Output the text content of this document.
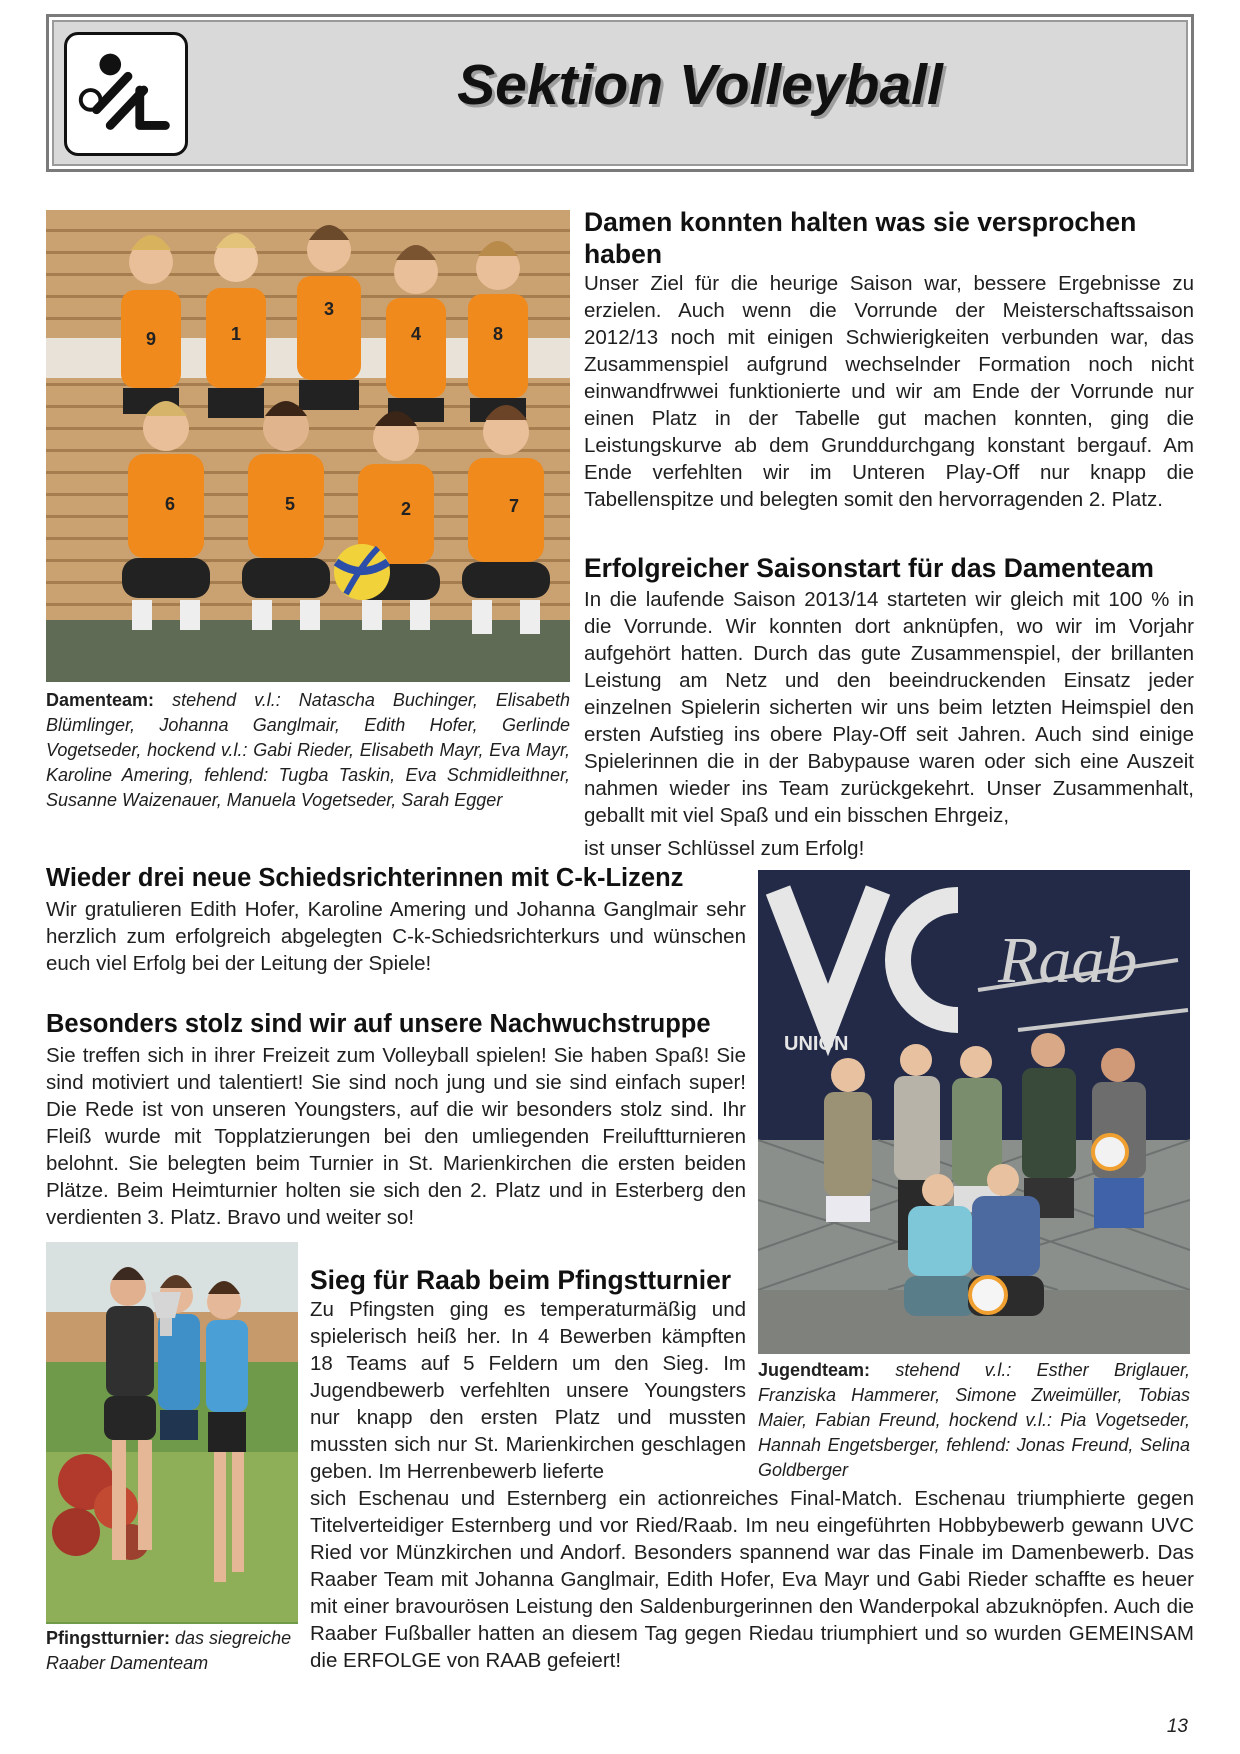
Sektion Volleyball
9	1
3
4	8
6	5	2	7

Damenteam: stehend v.l.: Natascha Buchinger, Elisabeth Blümlinger, Johanna Ganglmair, Edith Hofer, Gerlinde Vogetseder, hockend v.l.: Gabi Rieder, Elisabeth Mayr, Eva Mayr, Karoline Amering, fehlend: Tugba Taskin, Eva Schmidleithner, Susanne Waizenauer, Manuela Vogetseder, Sarah Egger

Damen konnten halten was sie versprochen haben

Unser Ziel für die heurige Saison war, bessere Ergebnisse zu erzielen. Auch wenn die Vorrunde der Meisterschaftssaison 2012/13 noch mit einigen Schwierigkeiten verbunden war, das Zusammenspiel aufgrund wechselnder Formation noch nicht einwandfrwwei funktionierte und wir am Ende der Vorrunde nur einen Platz in der Tabelle gut machen konnten, ging die Leistungskurve ab dem Grunddurchgang konstant bergauf. Am Ende verfehlten wir im Unteren Play-Off nur knapp die Tabellenspitze und belegten somit den hervorragenden 2. Platz.

Erfolgreicher Saisonstart für das Damenteam

In die laufende Saison 2013/14 starteten wir gleich mit 100 % in die Vorrunde. Wir konnten dort anknüpfen, wo wir im Vorjahr aufgehört hatten. Durch das gute Zusammenspiel, der brillanten Leistung am Netz und den beeindruckenden Einsatz jeder einzelnen Spielerin sicherten wir uns beim letzten Heimspiel den ersten Aufstieg ins obere Play-Off seit Jahren. Auch sind einige Spielerinnen die in der Babypause waren oder sich eine Auszeit nahmen wieder ins Team zurückgekehrt. Unser Zusammenhalt, geballt mit viel Spaß und ein bisschen Ehrgeiz,

ist unser Schlüssel zum Erfolg!

Wieder drei neue Schiedsrichterinnen mit C-k-Lizenz

Wir gratulieren Edith Hofer, Karoline Amering und Johanna Ganglmair sehr herzlich zum erfolgreich abgelegten C-k-Schiedsrichterkurs und wünschen euch viel Erfolg bei der Leitung der Spiele!

Besonders stolz sind wir auf unsere Nachwuchstruppe

Sie treffen sich in ihrer Freizeit zum Volleyball spielen! Sie haben Spaß! Sie sind motiviert und talentiert! Sie sind noch jung und sie sind einfach super! Die Rede ist von unseren Youngsters, auf die wir besonders stolz sind. Ihr Fleiß wurde mit Topplatzierungen bei den umliegenden Freiluftturnieren belohnt. Sie belegten beim Turnier in St. Marienkirchen die ersten beiden Plätze. Beim Heimturnier holten sie sich den 2. Platz und in Esterberg den verdienten 3. Platz. Bravo und weiter so!

VC
UNION
Raab

Jugendteam: stehend v.l.: Esther Briglauer, Franziska Hammerer, Simone Zweimüller, Tobias Maier, Fabian Freund, hockend v.l.: Pia Vogetseder, Hannah Engetsberger, fehlend: Jonas Freund, Selina Goldberger

Pfingstturnier: das siegreiche Raaber Damenteam

Sieg für Raab beim Pfingstturnier

Zu Pfingsten ging es temperaturmäßig und spielerisch heiß her. In 4 Bewerben kämpften 18 Teams auf 5 Feldern um den Sieg. Im Jugendbewerb verfehlten unsere Youngsters nur knapp den ersten Platz und mussten mussten sich nur St. Marienkirchen geschlagen geben. Im Herrenbewerb lieferte

sich Eschenau und Esternberg ein actionreiches Final-Match. Eschenau triumphierte gegen Titelverteidiger Esternberg und vor Ried/Raab. Im neu eingeführten Hobbybewerb gewann UVC Ried vor Münzkirchen und Andorf. Besonders spannend war das Finale im Damenbewerb. Das Raaber Team mit Johanna Ganglmair, Edith Hofer, Eva Mayr und Gabi Rieder schaffte es heuer mit einer bravourösen Leistung den Saldenburgerinnen den Wanderpokal abzuknöpfen. Auch die Raaber Fußballer hatten an diesem Tag gegen Riedau triumphiert und so wurden GEMEINSAM die ERFOLGE von RAAB gefeiert!

13
